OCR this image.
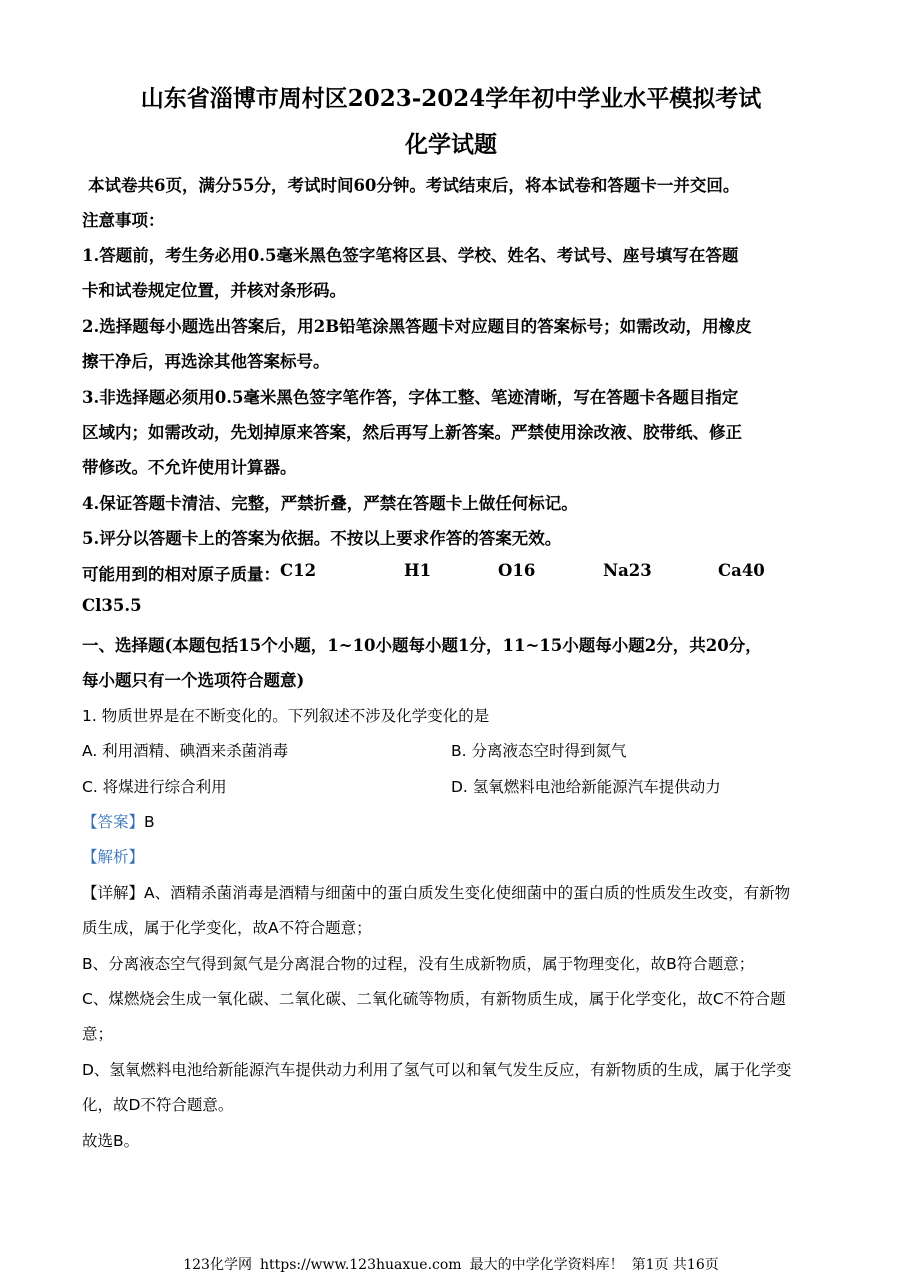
山东省淄博市周村区2023-2024学年初中学业水平模拟考试
化学试题
本试卷共6页，满分55分，考试时间60分钟。考试结束后，将本试卷和答题卡一并交回。
注意事项：
1.答题前，考生务必用0.5毫米黑色签字笔将区县、学校、姓名、考试号、座号填写在答题
卡和试卷规定位置，并核对条形码。
2.选择题每小题选出答案后，用2B铅笔涂黑答题卡对应题目的答案标号；如需改动，用橡皮
擦干净后，再选涂其他答案标号。
3.非选择题必须用0.5毫米黑色签字笔作答，字体工整、笔迹清晰，写在答题卡各题目指定
区域内；如需改动，先划掉原来答案，然后再写上新答案。严禁使用涂改液、胶带纸、修正
带修改。不允许使用计算器。
4.保证答题卡清洁、完整，严禁折叠，严禁在答题卡上做任何标记。
5.评分以答题卡上的答案为依据。不按以上要求作答的答案无效。
可能用到的相对原子质量： C12	H1	O16	Na23	Ca40
Cl35.5
一、选择题(本题包括15个小题，1~10小题每小题1分，11~15小题每小题2分，共20分，
每小题只有一个选项符合题意)
1. 物质世界是在不断变化的。下列叙述不涉及化学变化的是
A. 利用酒精、碘酒来杀菌消毒	B. 分离液态空时得到氮气
C. 将煤进行综合利用	D. 氢氧燃料电池给新能源汽车提供动力
【答案】B
【解析】
【详解】A、酒精杀菌消毒是酒精与细菌中的蛋白质发生变化使细菌中的蛋白质的性质发生改变，有新物
质生成，属于化学变化，故A不符合题意；
B、分离液态空气得到氮气是分离混合物的过程，没有生成新物质，属于物理变化，故B符合题意；
C、煤燃烧会生成一氧化碳、二氧化碳、二氧化硫等物质，有新物质生成，属于化学变化，故C不符合题
意；
D、氢氧燃料电池给新能源汽车提供动力利用了氢气可以和氧气发生反应，有新物质的生成，属于化学变
化，故D不符合题意。
故选B。
123化学网 https://www.123huaxue.com 最大的中学化学资料库！ 第1页 共16页
